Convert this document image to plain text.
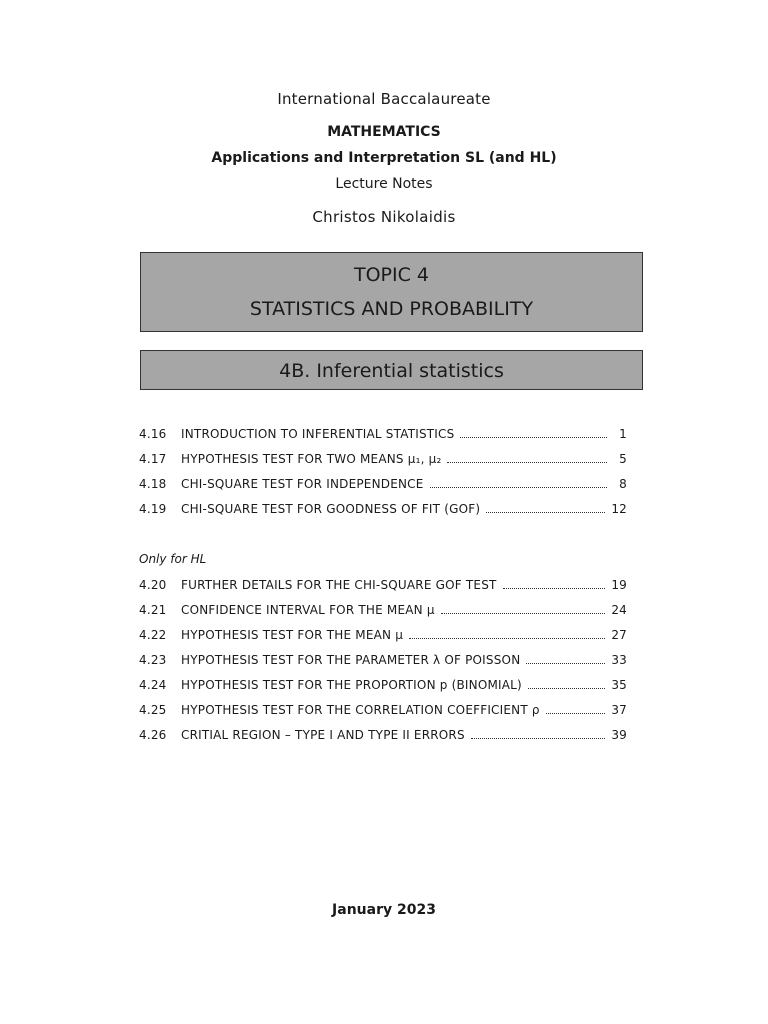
International Baccalaureate
MATHEMATICS
Applications and Interpretation SL (and HL)
Lecture Notes
Christos Nikolaidis
TOPIC 4
STATISTICS AND PROBABILITY
4B. Inferential statistics
4.16 INTRODUCTION TO INFERENTIAL STATISTICS	1
4.17 HYPOTHESIS TEST FOR TWO MEANS μ₁, μ₂	5
4.18 CHI-SQUARE TEST FOR INDEPENDENCE	8
4.19 CHI-SQUARE TEST FOR GOODNESS OF FIT (GOF)	12
Only for HL
4.20 FURTHER DETAILS FOR THE CHI-SQUARE GOF TEST	19
4.21 CONFIDENCE INTERVAL FOR THE MEAN μ	24
4.22 HYPOTHESIS TEST FOR THE MEAN μ	27
4.23 HYPOTHESIS TEST FOR THE PARAMETER λ OF POISSON	33
4.24 HYPOTHESIS TEST FOR THE PROPORTION p (BINOMIAL)	35
4.25 HYPOTHESIS TEST FOR THE CORRELATION COEFFICIENT ρ	37
4.26 CRITIAL REGION – TYPE I AND TYPE II ERRORS	39
January 2023
